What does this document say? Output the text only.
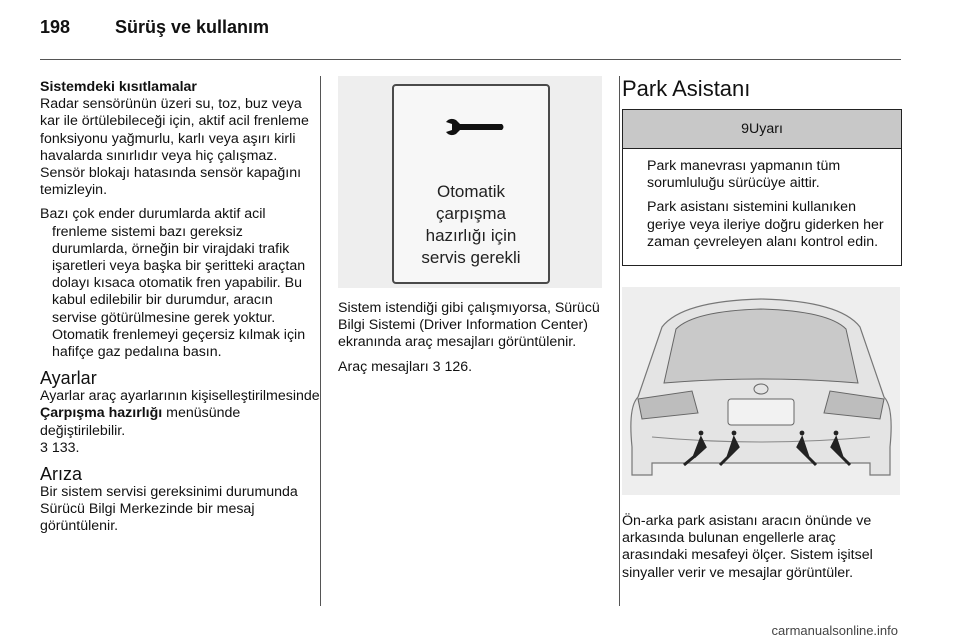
198 Sürüş ve kullanım
Sistemdeki kısıtlamalar

Radar sensörünün üzeri su, toz, buz veya kar ile örtülebileceği için, aktif acil frenleme fonksiyonu yağmurlu, karlı veya aşırı kirli havalarda sınırlıdır veya hiç çalışmaz. Sensör blokajı hatasında sensör kapağını temizleyin.

Bazı çok ender durumlarda aktif acil frenleme sistemi bazı gereksiz durumlarda, örneğin bir virajdaki trafik işaretleri veya başka bir şeritteki araçtan dolayı kısaca otomatik fren yapabilir. Bu kabul edilebilir bir durumdur, aracın servise götürülmesine gerek yoktur. Otomatik frenlemeyi geçersiz kılmak için hafifçe gaz pedalına basın.

Ayarlar

Ayarlar araç ayarlarının kişiselleştirilmesinde Çarpışma hazırlığı menüsünde değiştirilebilir.
3 133.

Arıza

Bir sistem servisi gereksinimi durumunda Sürücü Bilgi Merkezinde bir mesaj görüntülenir.

Otomatik
çarpışma
hazırlığı için
servis gerekli

Sistem istendiği gibi çalışmıyorsa, Sürücü Bilgi Sistemi (Driver Information Center) ekranında araç mesajları görüntülenir.

Araç mesajları 3 126.

Park Asistanı
9Uyarı

Park manevrası yapmanın tüm sorumluluğu sürücüye aittir.

Park asistanı sistemini kullanıken geriye veya ileriye doğru giderken her zaman çevreleyen alanı kontrol edin.

Ön-arka park asistanı aracın önünde ve arkasında bulunan engellerle araç arasındaki mesafeyi ölçer. Sistem işitsel sinyaller verir ve mesajlar görüntüler.

carmanualsonline.info
